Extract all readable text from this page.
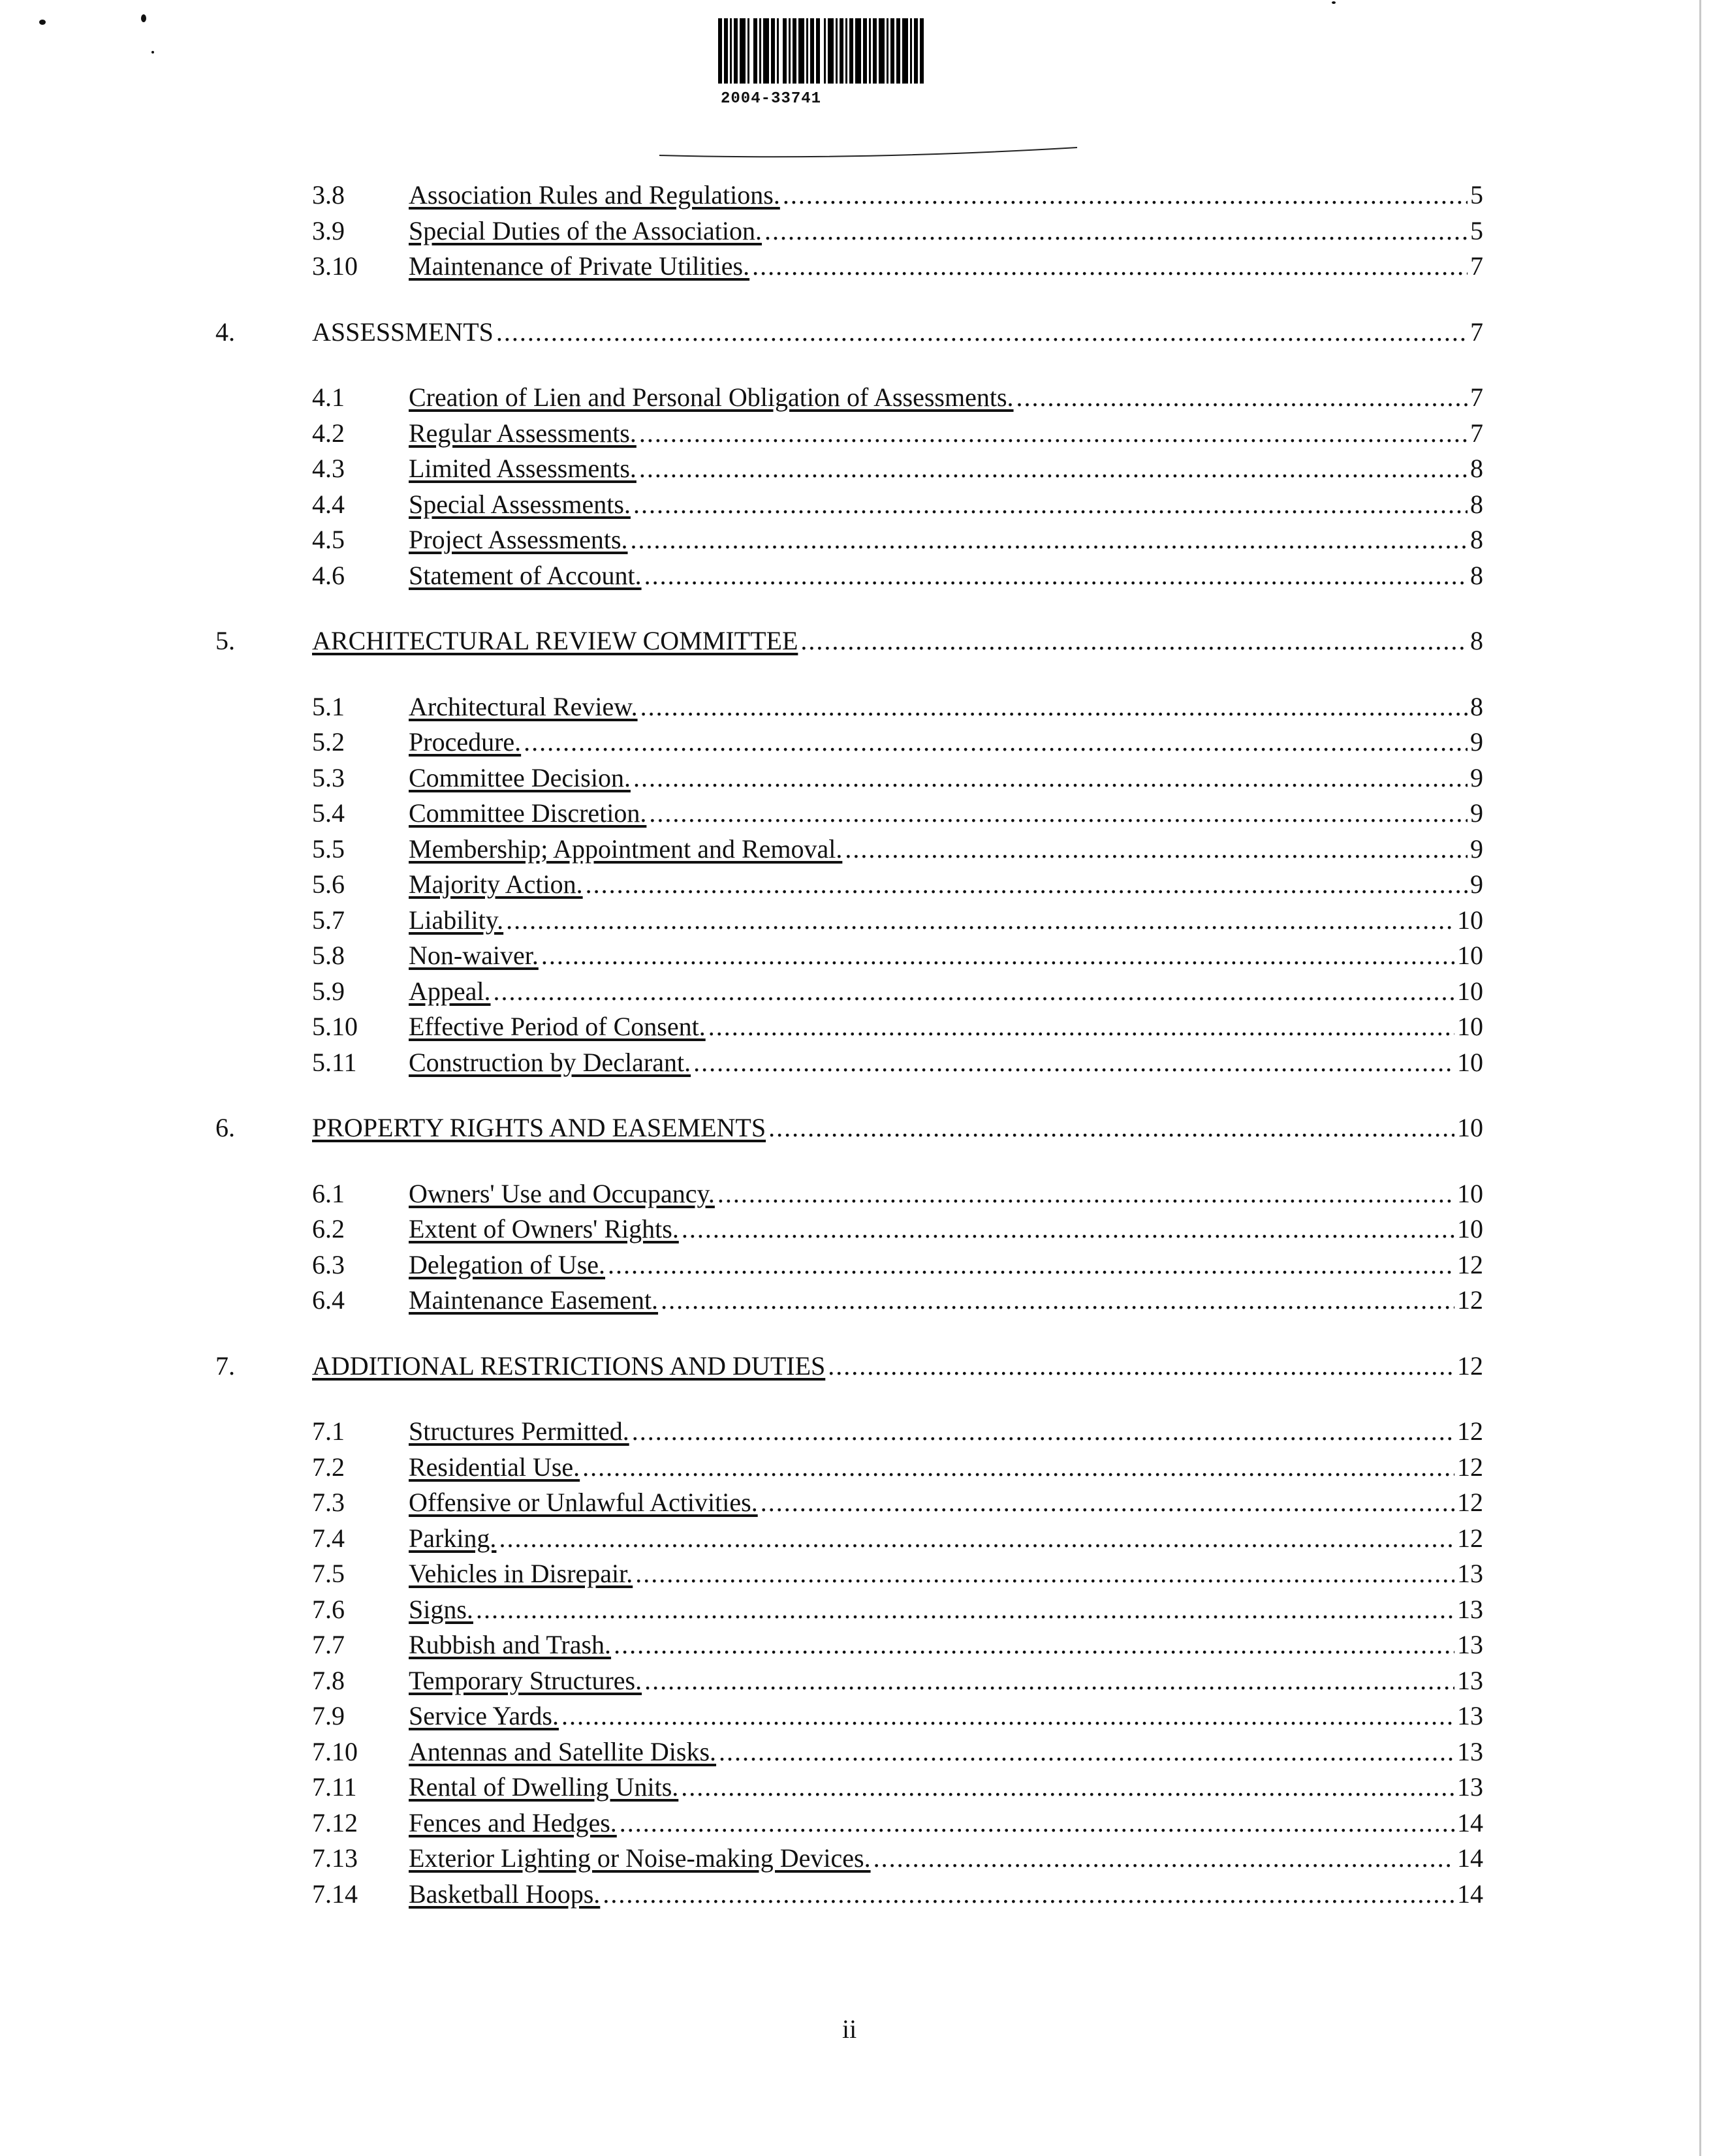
2004-33741
3.8 Association Rules and Regulations. .....	5
3.9 Special Duties of the Association. .....	5
3.10 Maintenance of Private Utilities. .....	7
4.	ASSESSMENTS .....	7
4.1 Creation of Lien and Personal Obligation of Assessments. .....	7
4.2 Regular Assessments. .....	7
4.3 Limited Assessments. .....	8
4.4 Special Assessments. .....	8
4.5 Project Assessments. .....	8
4.6 Statement of Account. .....	8
5.	ARCHITECTURAL REVIEW COMMITTEE .....	8
5.1 Architectural Review. .....	8
5.2 Procedure. .....	9
5.3 Committee Decision. .....	9
5.4 Committee Discretion. .....	9
5.5 Membership; Appointment and Removal. .....	9
5.6 Majority Action. .....	9
5.7 Liability. .....	10
5.8 Non-waiver. .....	10
5.9 Appeal. .....	10
5.10 Effective Period of Consent. .....	10
5.11 Construction by Declarant. .....	10
6.	PROPERTY RIGHTS AND EASEMENTS .....	10
6.1 Owners' Use and Occupancy. .....	10
6.2 Extent of Owners' Rights. .....	10
6.3 Delegation of Use. .....	12
6.4 Maintenance Easement. .....	12
7.	ADDITIONAL RESTRICTIONS AND DUTIES .....	12
7.1 Structures Permitted. .....	12
7.2 Residential Use. .....	12
7.3 Offensive or Unlawful Activities. .....	12
7.4 Parking. .....	12
7.5 Vehicles in Disrepair. .....	13
7.6 Signs. .....	13
7.7 Rubbish and Trash. .....	13
7.8 Temporary Structures. .....	13
7.9 Service Yards. .....	13
7.10 Antennas and Satellite Disks. .....	13
7.11 Rental of Dwelling Units. .....	13
7.12 Fences and Hedges. .....	14
7.13 Exterior Lighting or Noise-making Devices. .....	14
7.14 Basketball Hoops. .....	14
ii
